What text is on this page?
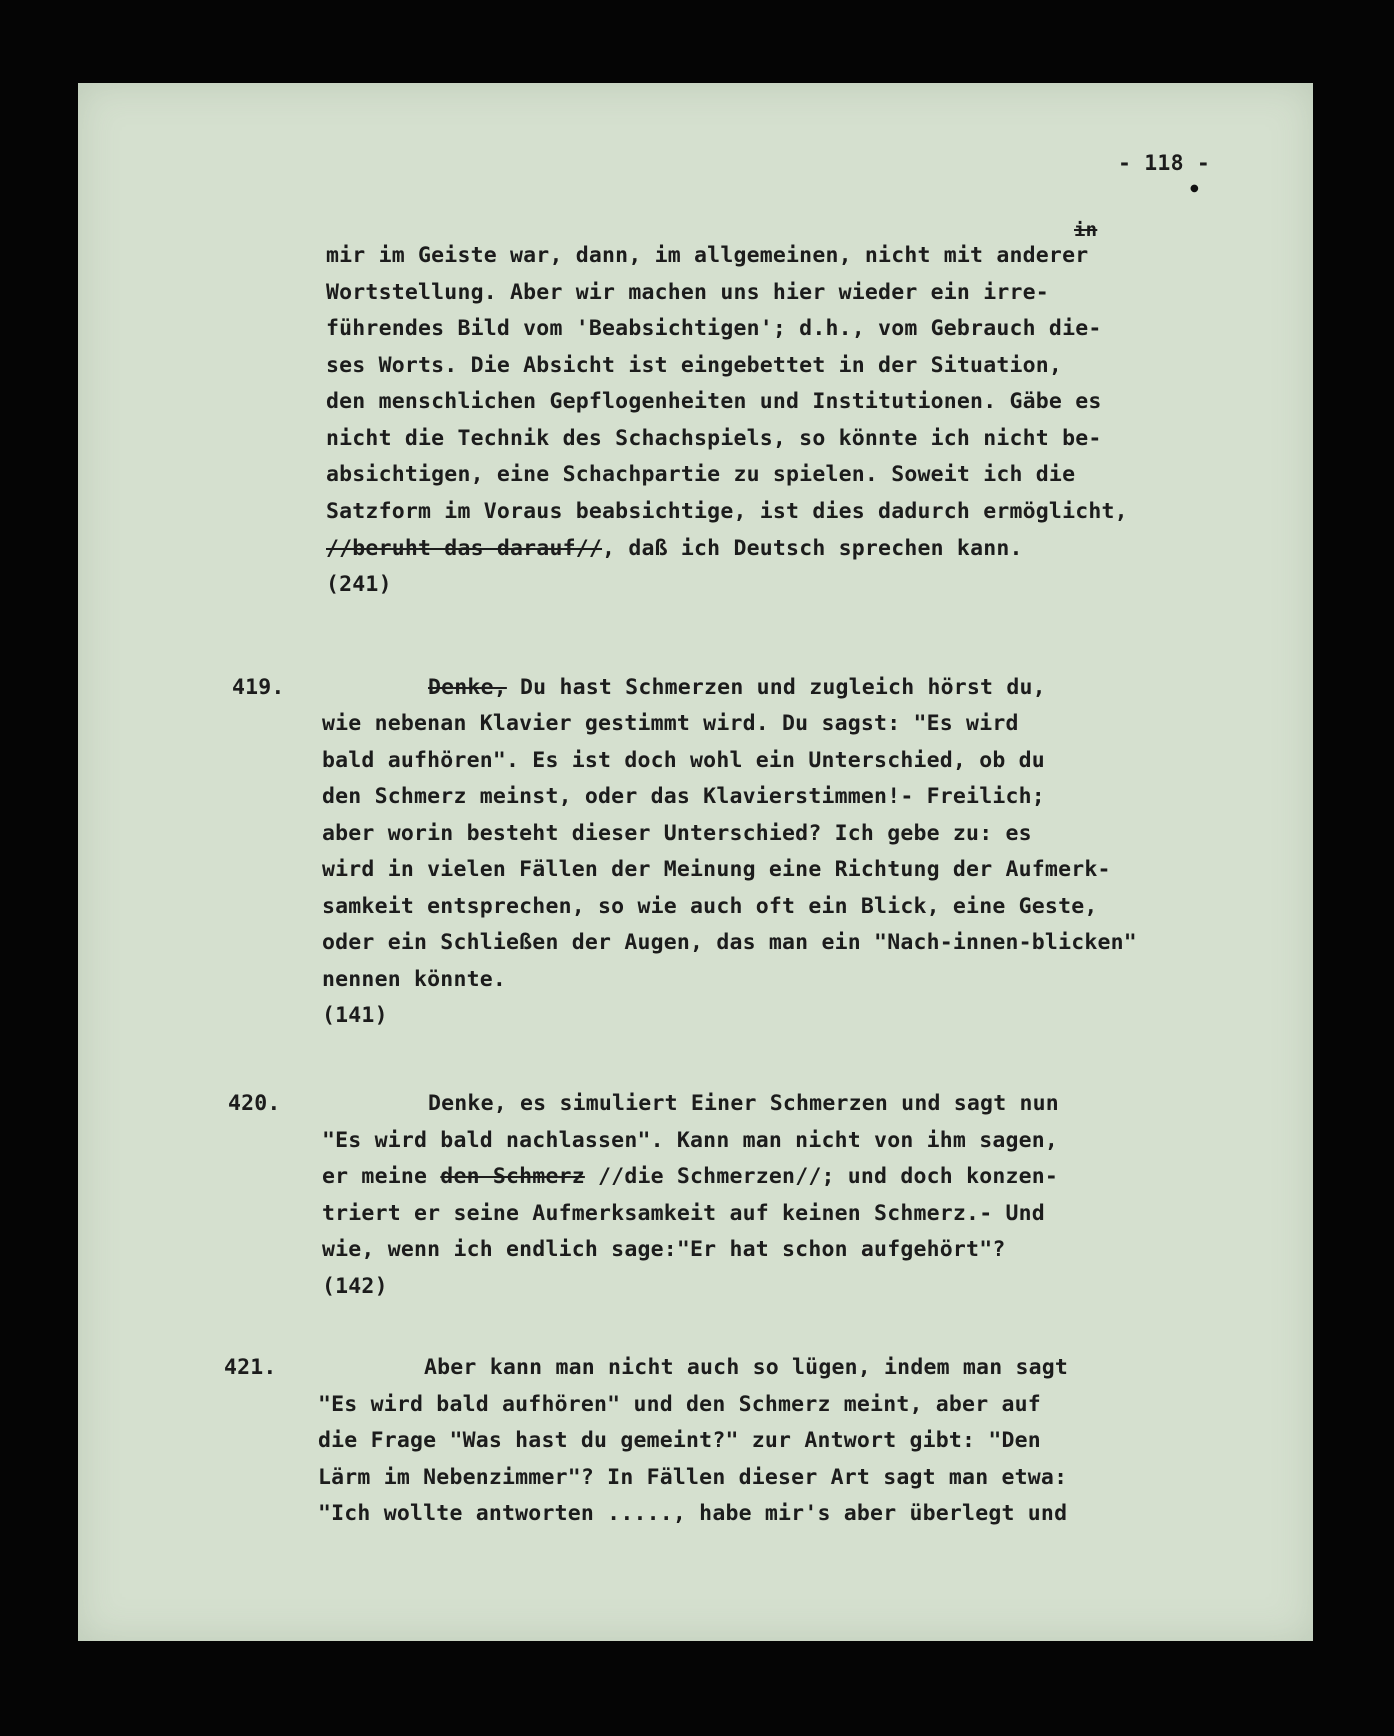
- 118 -
●
in
mir im Geiste war, dann, im allgemeinen, nicht mit anderer
Wortstellung. Aber wir machen uns hier wieder ein irre-
führendes Bild vom 'Beabsichtigen'; d.h., vom Gebrauch die-
ses Worts. Die Absicht ist eingebettet in der Situation,
den menschlichen Gepflogenheiten und Institutionen. Gäbe es
nicht die Technik des Schachspiels, so könnte ich nicht be-
absichtigen, eine Schachpartie zu spielen. Soweit ich die
Satzform im Voraus beabsichtige, ist dies dadurch ermöglicht,
//beruht das darauf//, daß ich Deutsch sprechen kann.
(241)
419.	Denke, Du hast Schmerzen und zugleich hörst du,
wie nebenan Klavier gestimmt wird. Du sagst: "Es wird
bald aufhören". Es ist doch wohl ein Unterschied, ob du
den Schmerz meinst, oder das Klavierstimmen!- Freilich;
aber worin besteht dieser Unterschied? Ich gebe zu: es
wird in vielen Fällen der Meinung eine Richtung der Aufmerk-
samkeit entsprechen, so wie auch oft ein Blick, eine Geste,
oder ein Schließen der Augen, das man ein "Nach-innen-blicken"
nennen könnte.
(141)
420.	Denke, es simuliert Einer Schmerzen und sagt nun
"Es wird bald nachlassen". Kann man nicht von ihm sagen,
er meine den Schmerz //die Schmerzen//; und doch konzen-
triert er seine Aufmerksamkeit auf keinen Schmerz.- Und
wie, wenn ich endlich sage:"Er hat schon aufgehört"?
(142)
421.	Aber kann man nicht auch so lügen, indem man sagt
"Es wird bald aufhören" und den Schmerz meint, aber auf
die Frage "Was hast du gemeint?" zur Antwort gibt: "Den
Lärm im Nebenzimmer"? In Fällen dieser Art sagt man etwa:
"Ich wollte antworten ....., habe mir's aber überlegt und
